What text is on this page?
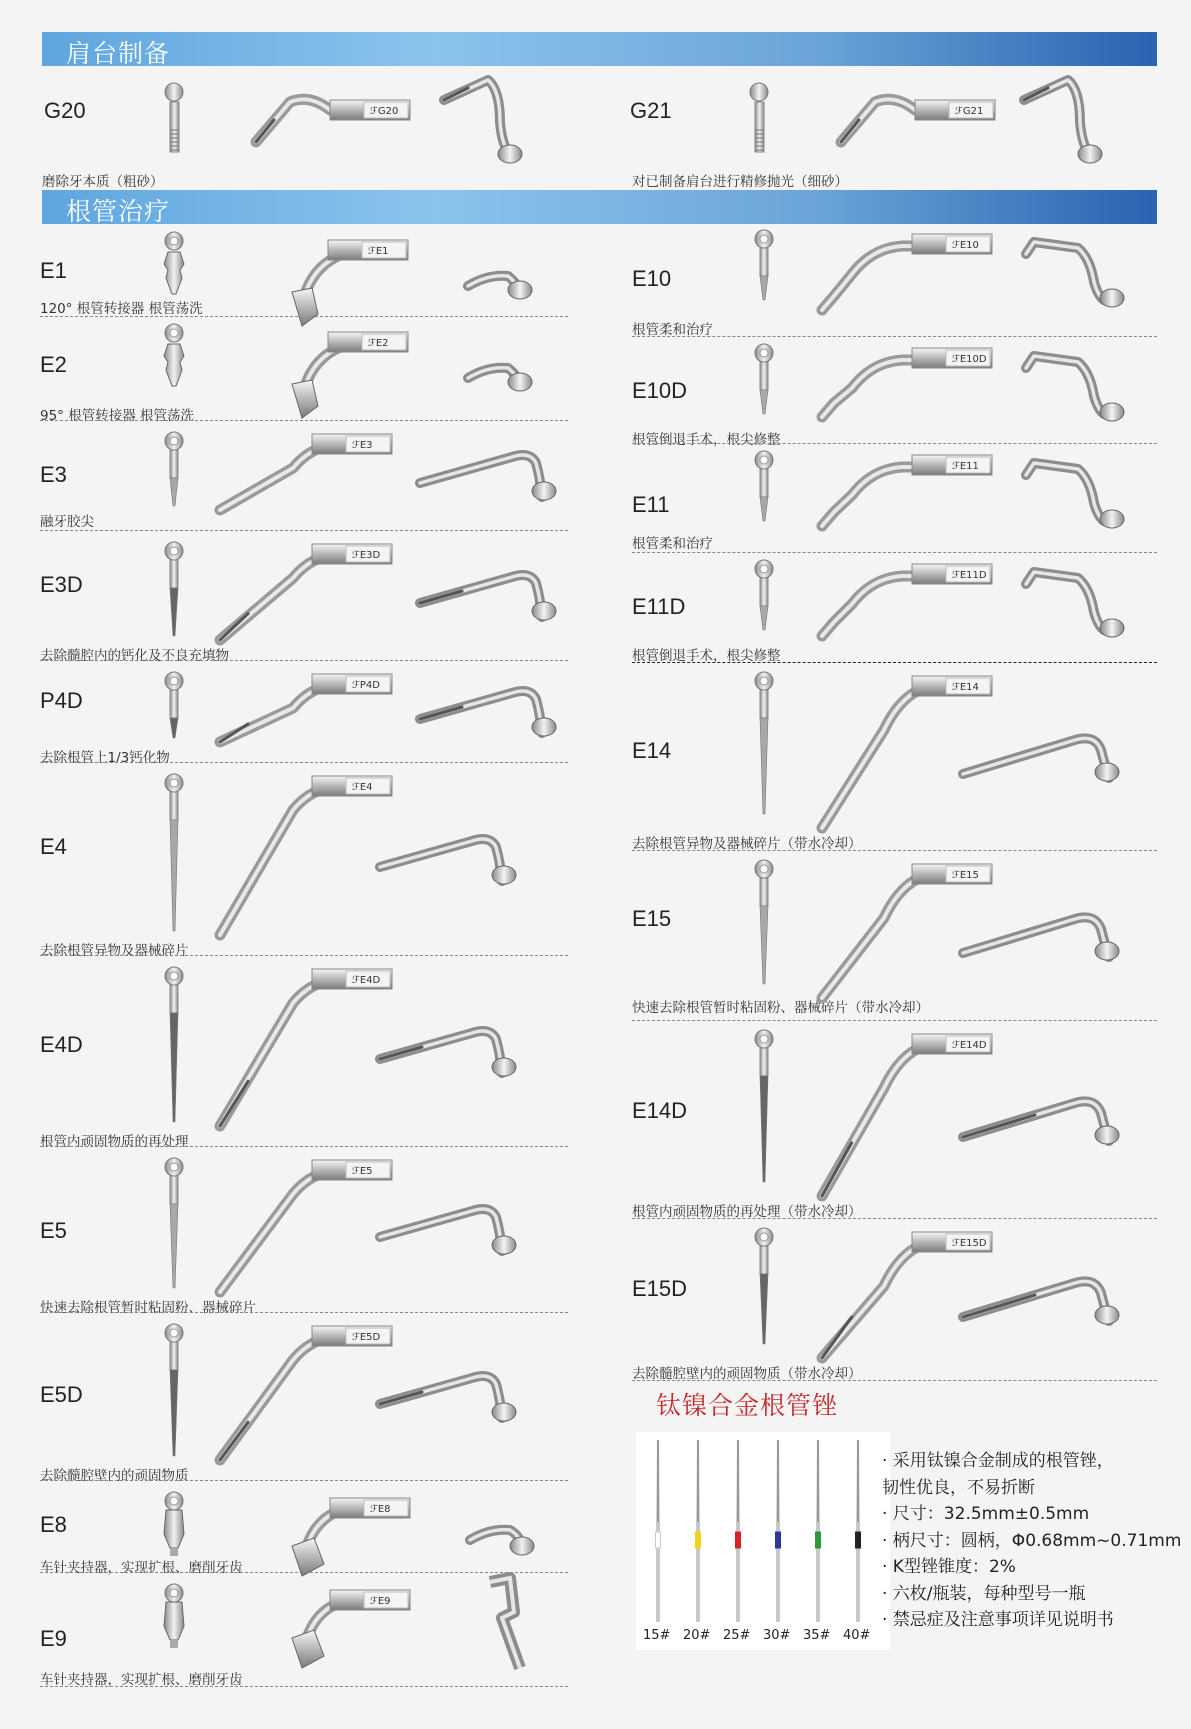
肩台制备
根管治疗
G20
磨除牙本质（粗砂）
G21
对已制备肩台进行精修抛光（细砂）
E1
120° 根管转接器 根管荡洗
E2
95° 根管转接器 根管荡洗
E3
融牙胶尖
E3D
去除髓腔内的钙化及不良充填物
P4D
去除根管上1/3钙化物
E4
去除根管异物及器械碎片
E4D
根管内顽固物质的再处理
E5
快速去除根管暂时粘固粉、器械碎片
E5D
去除髓腔壁内的顽固物质
E8
车针夹持器，实现扩根、磨削牙齿
E9
车针夹持器，实现扩根、磨削牙齿
E10
根管柔和治疗
E10D
根管倒退手术，根尖修整
E11
根管柔和治疗
E11D
根管倒退手术，根尖修整
E14
去除根管异物及器械碎片（带水冷却）
E15
快速去除根管暂时粘固粉、器械碎片（带水冷却）
E14D
根管内顽固物质的再处理（带水冷却）
E15D
去除髓腔壁内的顽固物质（带水冷却）
ℱG20	ℱG21
ℱE1
ℱE2
ℱE3
ℱE3D
ℱP4D
ℱE4
ℱE4D
ℱE5
ℱE5D
ℱE8
ℱE9
ℱE10
ℱE10D
ℱE11
ℱE11D
ℱE14
ℱE15
ℱE14D
ℱE15D
钛镍合金根管锉
15# 20# 25# 30# 35# 40#
· 采用钛镍合金制成的根管锉，
韧性优良，不易折断
· 尺寸：32.5mm±0.5mm
· 柄尺寸：圆柄，Φ0.68mm~0.71mm
· K型锉锥度：2%
· 六枚/瓶装，每种型号一瓶
· 禁忌症及注意事项详见说明书
